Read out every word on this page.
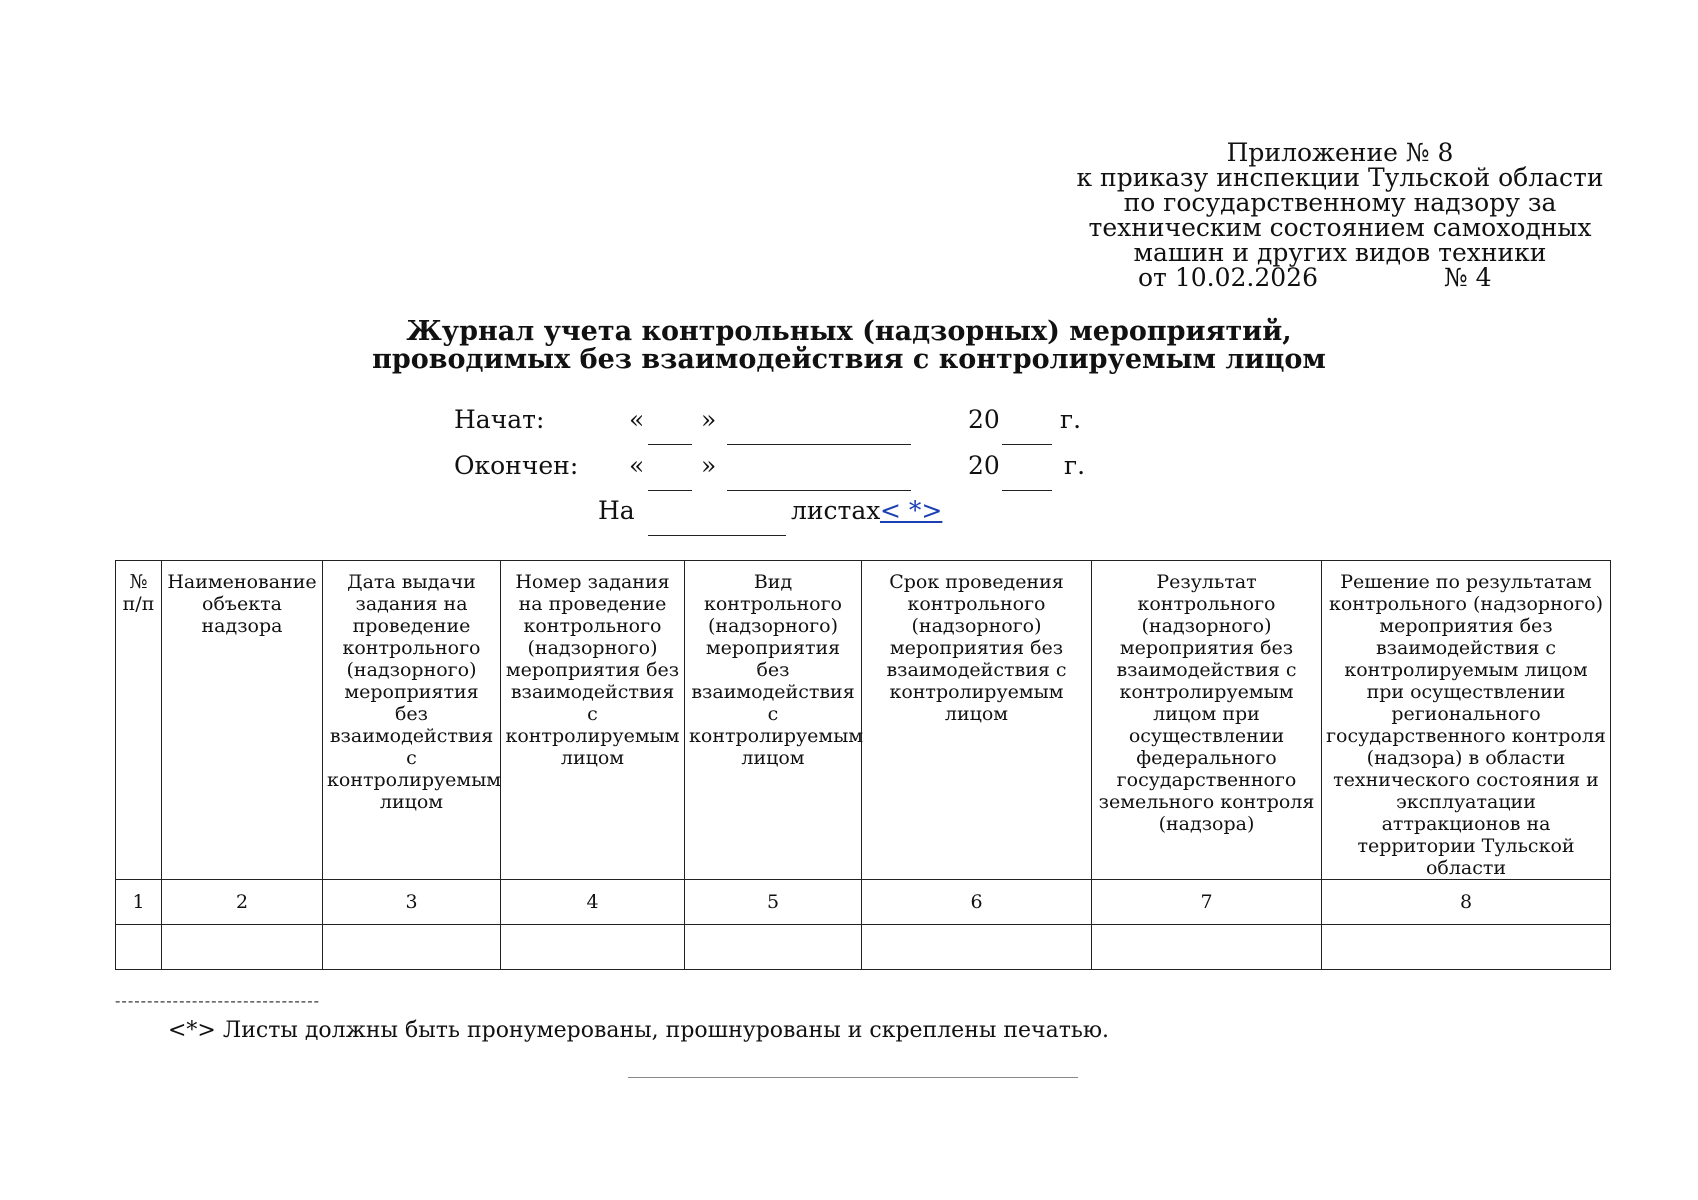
Приложение № 8
к приказу инспекции Тульской области
по государственному надзору за
техническим состоянием самоходных
машин и других видов техники
от 10.02.2026	№ 4
Журнал учета контрольных (надзорных) мероприятий,
проводимых без взаимодействия с контролируемым лицом
Начат:	« »	20 г.
Окончен: « »	20	г.
На	листах < *>
№ п/п	Наименование объекта надзора	Дата выдачи задания на проведение контрольного (надзорного) мероприятия без взаимодействия с контролируемым лицом	Номер задания на проведение контрольного (надзорного) мероприятия без взаимодействия с контролируемым лицом	Вид контрольного (надзорного) мероприятия без взаимодействия с контролируемым лицом	Срок проведения контрольного (надзорного) мероприятия без взаимодействия с контролируемым лицом	Результат контрольного (надзорного) мероприятия без взаимодействия с контролируемым лицом при осуществлении федерального государственного земельного контроля (надзора)	Решение по результатам контрольного (надзорного) мероприятия без взаимодействия с контролируемым лицом при осуществлении регионального государственного контроля (надзора) в области технического состояния и эксплуатации аттракционов на территории Тульской области
1	2	3	4	5	6	7	8

--------------------------------
<*> Листы должны быть пронумерованы, прошнурованы и скреплены печатью.
